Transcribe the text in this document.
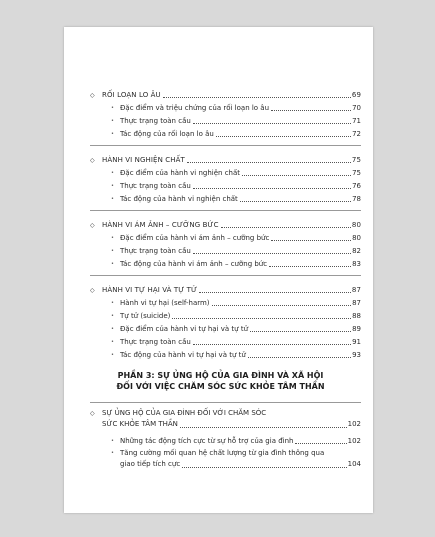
◇	RỐI LOẠN LO ÂU	69
• Đặc điểm và triệu chứng của rối loạn lo âu	70
• Thực trạng toàn cầu	71
• Tác động của rối loạn lo âu	72
◇	HÀNH VI NGHIỆN CHẤT	75
• Đặc điểm của hành vi nghiện chất	75
• Thực trạng toàn cầu	76
• Tác động của hành vi nghiện chất	78
◇	HÀNH VI ÁM ẢNH – CƯỠNG BỨC	80
• Đặc điểm của hành vi ám ảnh – cưỡng bức	80
• Thực trạng toàn cầu	82
• Tác động của hành vi ám ảnh – cưỡng bức	83
◇	HÀNH VI TỰ HẠI VÀ TỰ TỬ	87
• Hành vi tự hại (self-harm)	87
• Tự tử (suicide)	88
• Đặc điểm của hành vi tự hại và tự tử	89
• Thực trạng toàn cầu	91
• Tác động của hành vi tự hại và tự tử	93
PHẦN 3: SỰ ỦNG HỘ CỦA GIA ĐÌNH VÀ XÃ HỘI
ĐỐI VỚI VIỆC CHĂM SÓC SỨC KHỎE TÂM THẦN
◇	SỰ ỦNG HỘ CỦA GIA ĐÌNH ĐỐI VỚI CHĂM SÓC
SỨC KHỎE TÂM THẦN	102
• Những tác động tích cực từ sự hỗ trợ của gia đình	102
• Tăng cường mối quan hệ chất lượng từ gia đình thông qua
giao tiếp tích cực	104
